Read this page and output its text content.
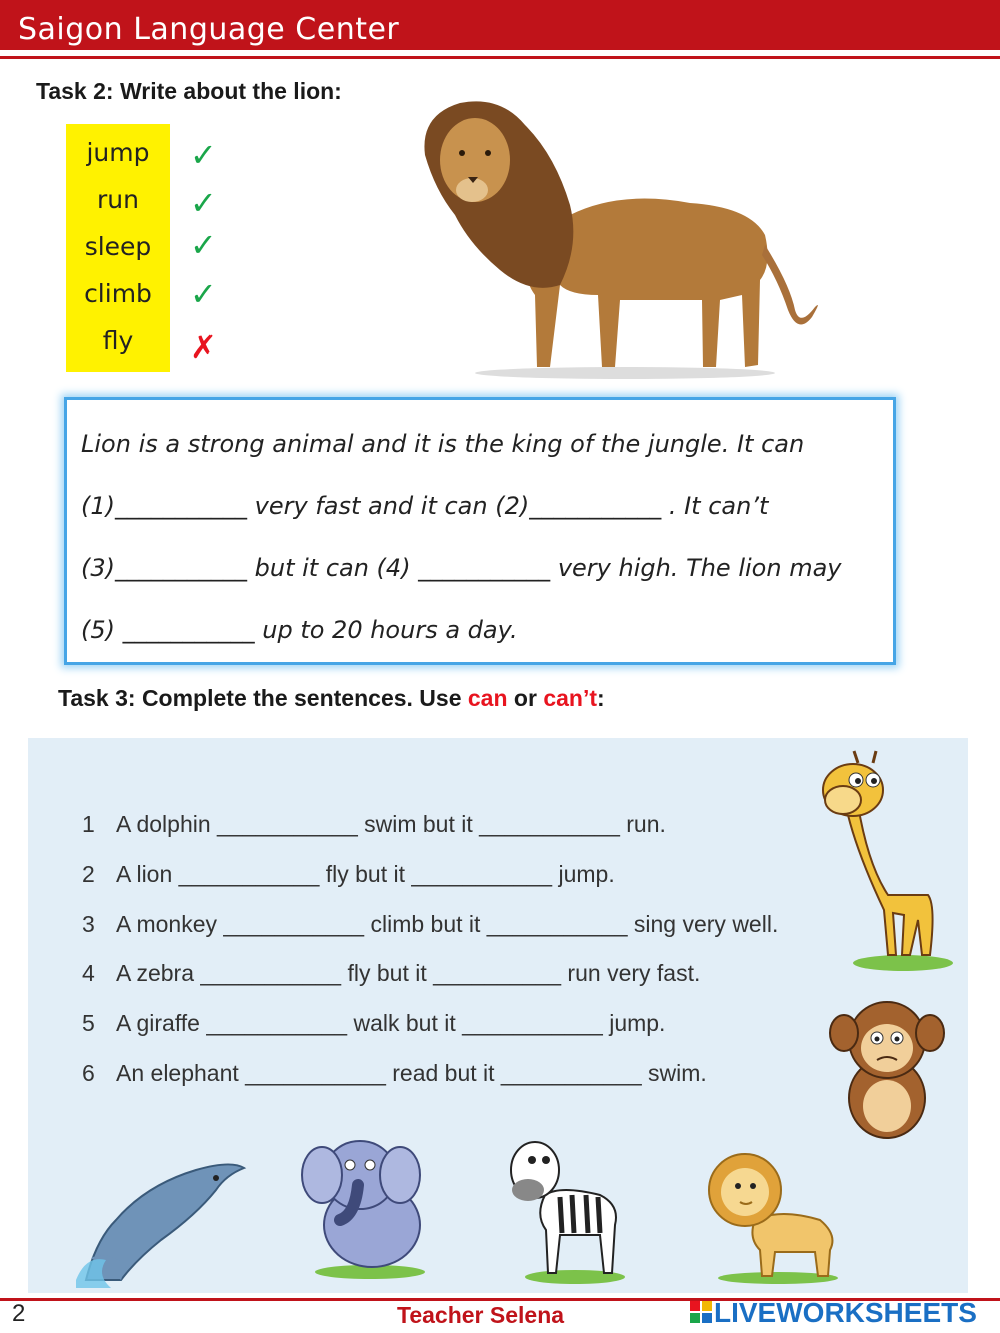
Saigon Language Center
Task 2: Write about the lion:
jump
run
sleep
climb
fly
✓
✓
✓
✓
✗
Lion is a strong animal and it is the king of the jungle. It can
(1)___________ very fast and it can (2)___________ . It can’t
(3)___________ but it can (4) ___________ very high. The lion may
(5) ___________ up to 20 hours a day.
Task 3: Complete the sentences. Use can or can’t:
1 A dolphin ___________ swim but it ___________ run.
2 A lion ___________ fly but it ___________ jump.
3 A monkey ___________ climb but it ___________ sing very well.
4 A zebra ___________ fly but it __________ run very fast.
5 A giraffe ___________ walk but it ___________ jump.
6 An elephant ___________ read but it ___________ swim.
2	Teacher Selena	LIVEWORKSHEETS
